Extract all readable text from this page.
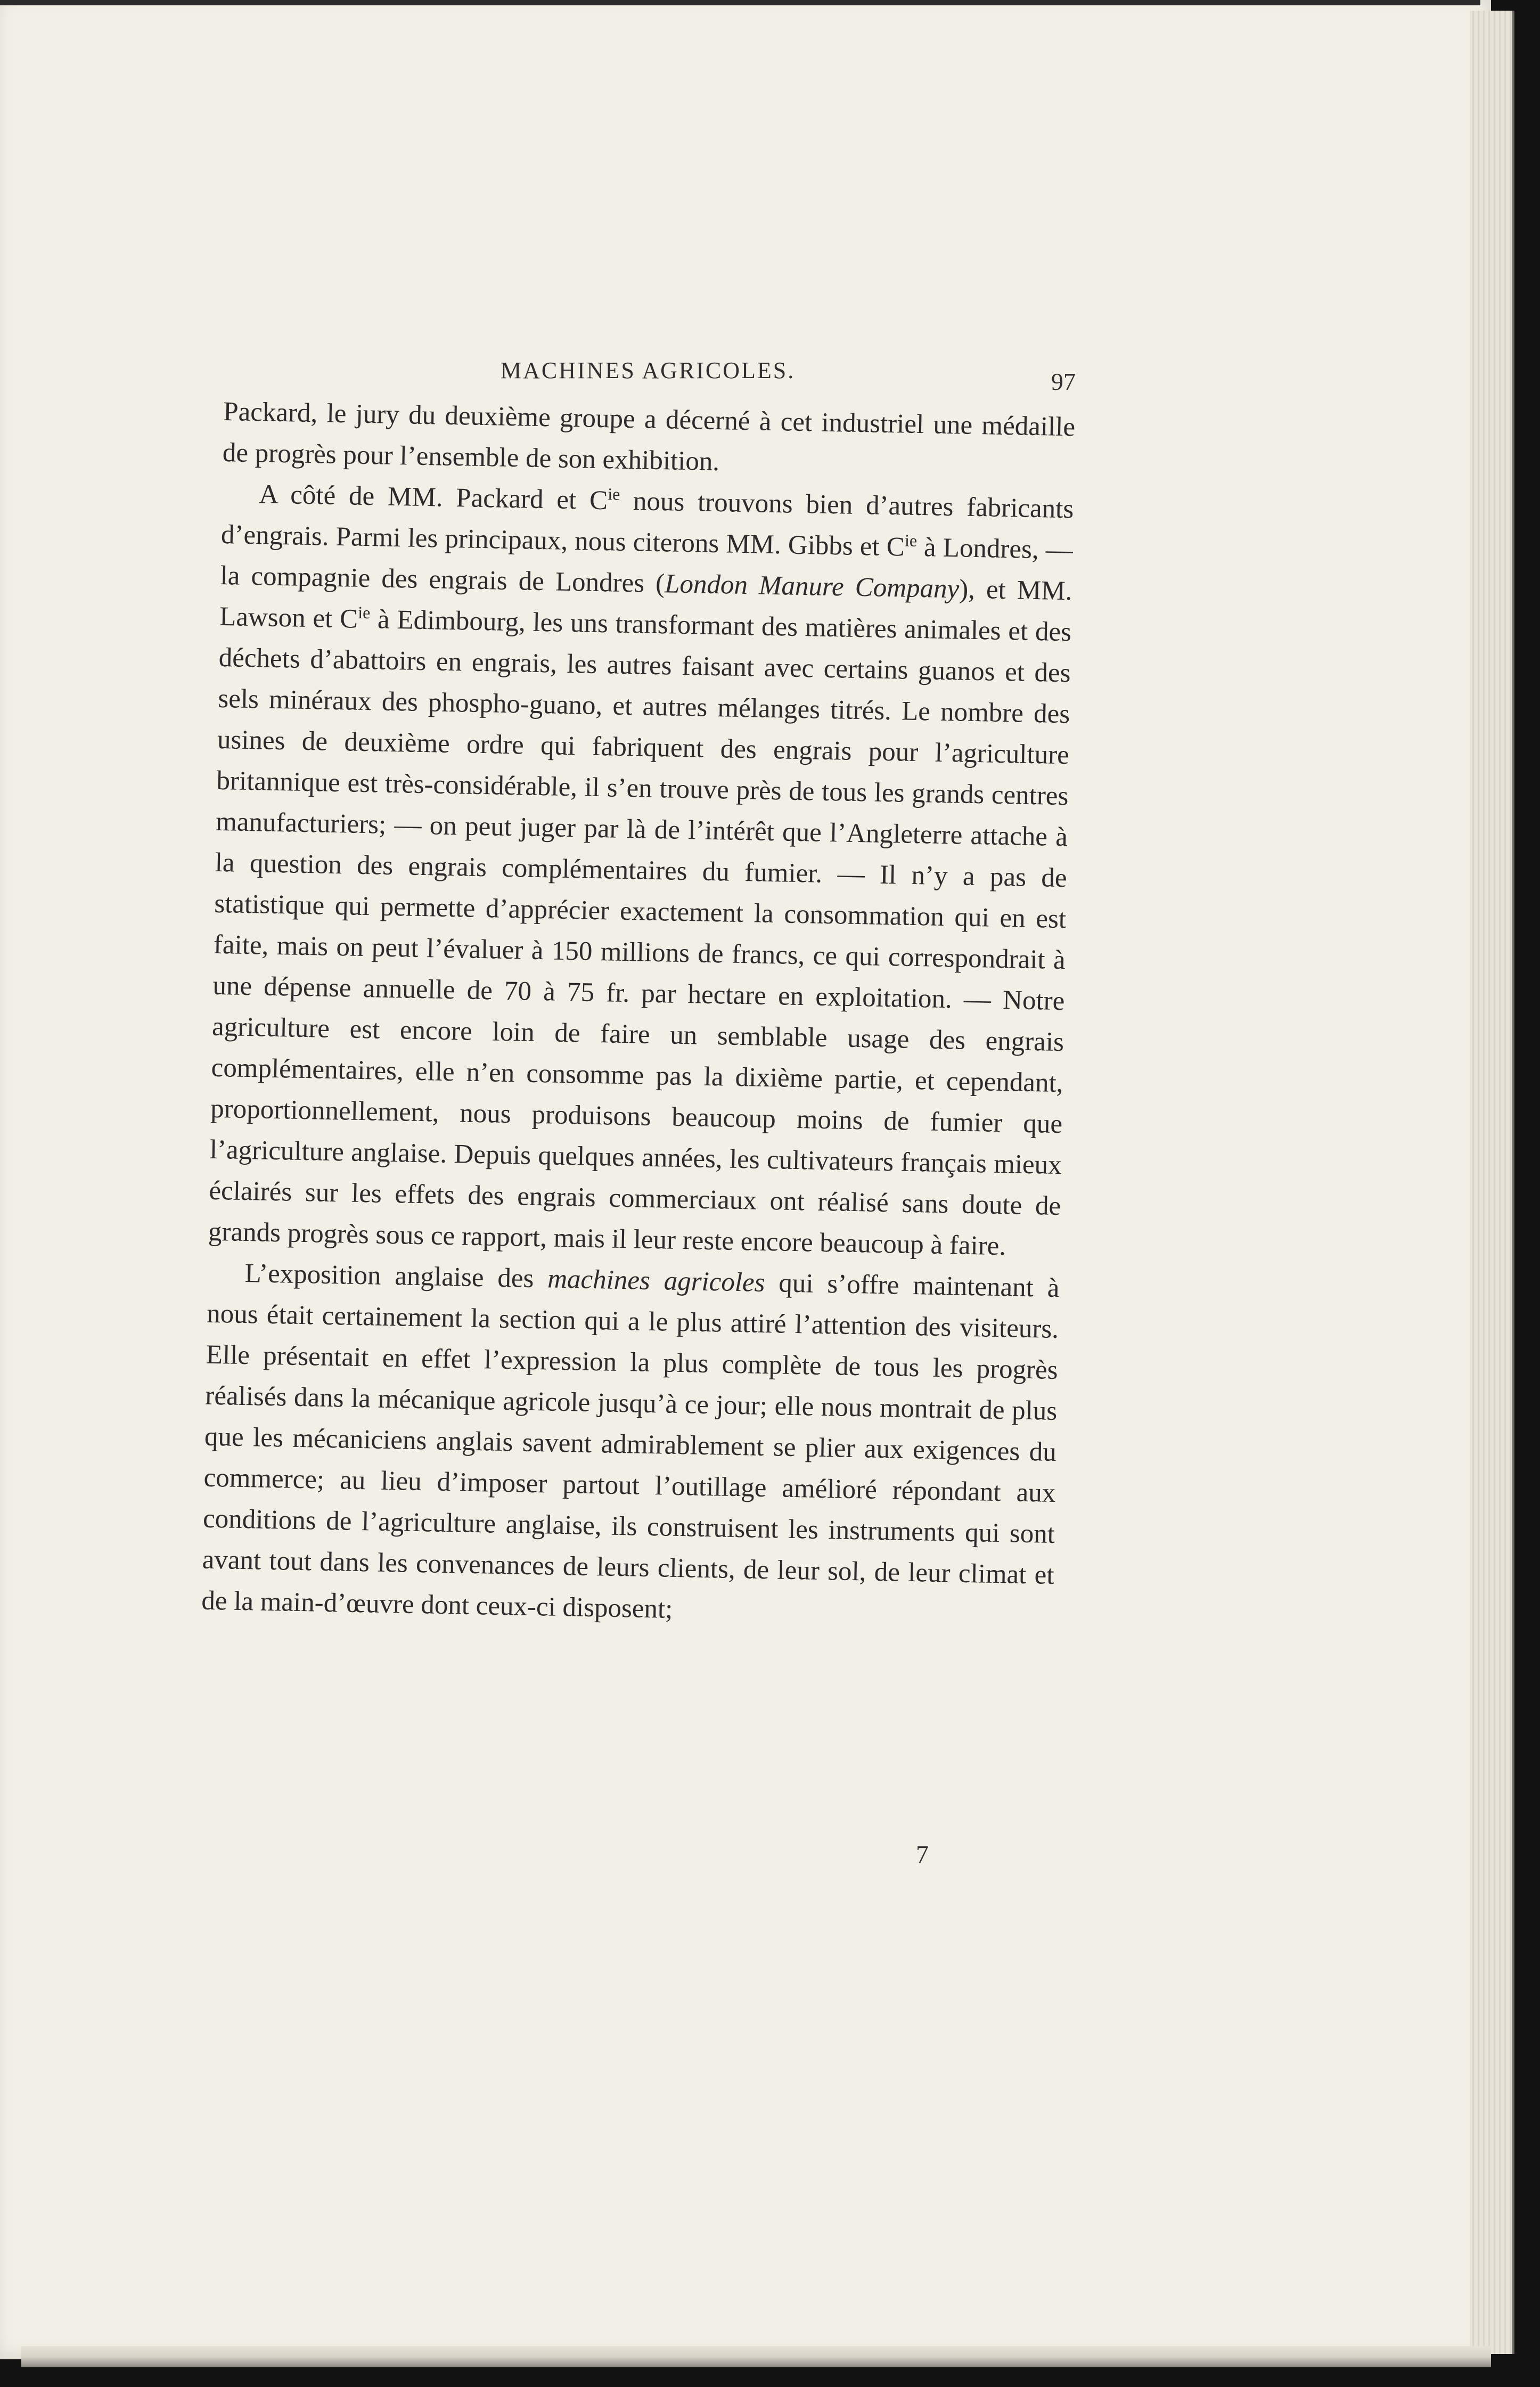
MACHINES AGRICOLES.	97

Packard, le jury du deuxième groupe a décerné à cet industriel une médaille de progrès pour l’ensemble de son exhibition.

A côté de MM. Packard et $C^{ie}$ nous trouvons bien d’autres fabricants d’engrais. Parmi les principaux, nous citerons MM. Gibbs et $C^{ie}$ à Londres, — la compagnie des engrais de Londres (London Manure Company), et MM. Lawson et $C^{ie}$ à Edimbourg, les uns transformant des matières animales et des déchets d’abattoirs en engrais, les autres faisant avec certains guanos et des sels minéraux des phospho-guano, et autres mélanges titrés. Le nombre des usines de deuxième ordre qui fabriquent des engrais pour l’agriculture britannique est très-considérable, il s’en trouve près de tous les grands centres manufacturiers; — on peut juger par là de l’intérêt que l’Angleterre attache à la question des engrais complémentaires du fumier. — Il n’y a pas de statistique qui permette d’apprécier exactement la consommation qui en est faite, mais on peut l’évaluer à 150 millions de francs, ce qui correspondrait à une dépense annuelle de 70 à 75 fr. par hectare en exploitation. — Notre agriculture est encore loin de faire un semblable usage des engrais complémentaires, elle n’en consomme pas la dixième partie, et cependant, proportionnellement, nous produisons beaucoup moins de fumier que l’agriculture anglaise. Depuis quelques années, les cultivateurs français mieux éclairés sur les effets des engrais commerciaux ont réalisé sans doute de grands progrès sous ce rapport, mais il leur reste encore beaucoup à faire.

L’exposition anglaise des machines agricoles qui s’offre maintenant à nous était certainement la section qui a le plus attiré l’attention des visiteurs. Elle présentait en effet l’expression la plus complète de tous les progrès réalisés dans la mécanique agricole jusqu’à ce jour; elle nous montrait de plus que les mécaniciens anglais savent admirablement se plier aux exigences du commerce; au lieu d’imposer partout l’outillage amélioré répondant aux conditions de l’agriculture anglaise, ils construisent les instruments qui sont avant tout dans les convenances de leurs clients, de leur sol, de leur climat et de la main-d’œuvre dont ceux-ci disposent;

7
